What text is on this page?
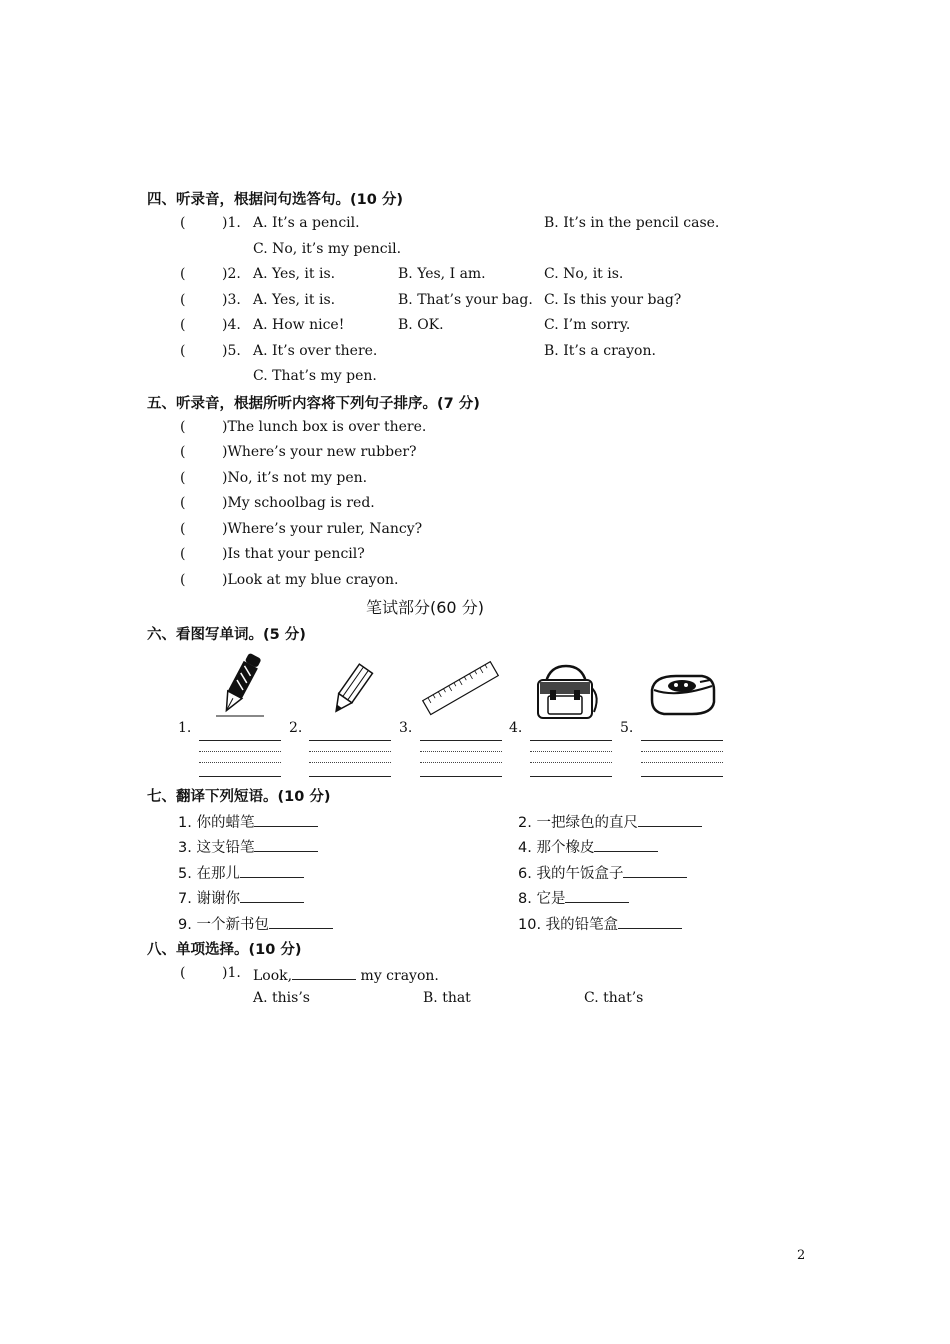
四、听录音，根据问句选答句。(10 分)
(	)1. A. It’s a pencil.	B. It’s in the pencil case.
C. No, it’s my pencil.
(	)2. A. Yes, it is.	B. Yes, I am.	C. No, it is.
(	)3. A. Yes, it is.	B. That’s your bag. C. Is this your bag?
(	)4. A. How nice!	B. OK.	C. I’m sorry.
(	)5. A. It’s over there.	B. It’s a crayon.
C. That’s my pen.
五、听录音，根据所听内容将下列句子排序。(7 分)
(	)The lunch box is over there.
(	)Where’s your new rubber?
(	)No, it’s not my pen.
(	)My schoolbag is red.
(	)Where’s your ruler, Nancy?
(	)Is that your pencil?
(	)Look at my blue crayon.
笔试部分(60 分)
六、看图写单词。(5 分)
1.	2.	3.	4.	5.
七、翻译下列短语。(10 分)
1. 你的蜡笔	2. 一把绿色的直尺
3. 这支铅笔	4. 那个橡皮
5. 在那儿	6. 我的午饭盒子
7. 谢谢你	8. 它是
9. 一个新书包	10. 我的铅笔盒
八、单项选择。(10 分)
(	)1. Look,	my crayon.
A. this’s	B. that	C. that’s
2
